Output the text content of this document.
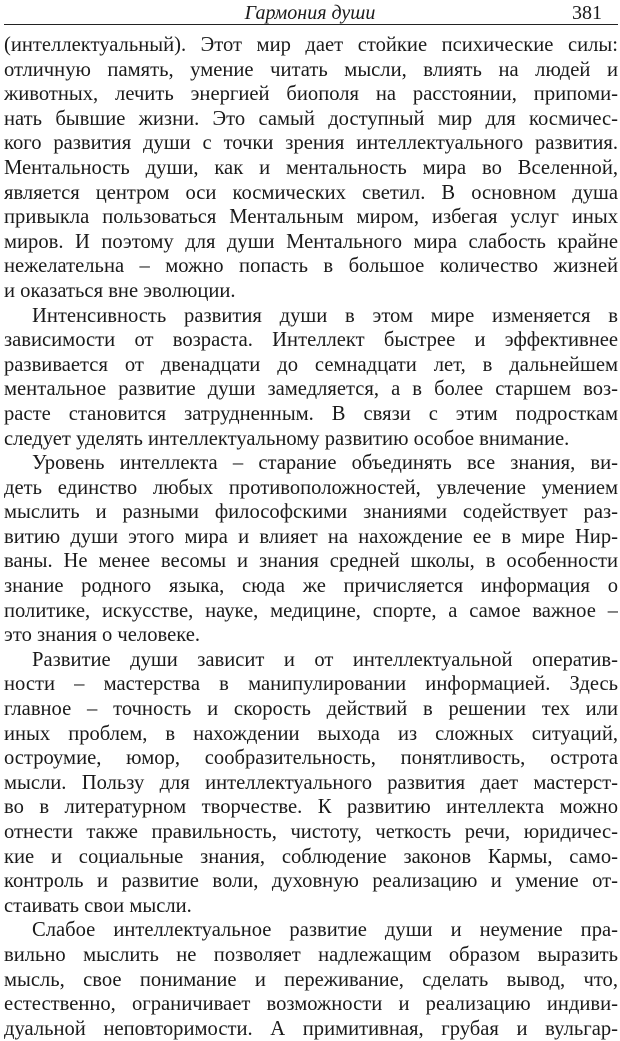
Гармония души	381
(интеллектуальный). Этот мир дает стойкие психические силы:
отличную память, умение читать мысли, влиять на людей и
животных, лечить энергией биополя на расстоянии, припоми-
нать бывшие жизни. Это самый доступный мир для космичес-
кого развития души с точки зрения интеллектуального развития.
Ментальность души, как и ментальность мира во Вселенной,
является центром оси космических светил. В основном душа
привыкла пользоваться Ментальным миром, избегая услуг иных
миров. И поэтому для души Ментального мира слабость крайне
нежелательна – можно попасть в большое количество жизней
и оказаться вне эволюции.
Интенсивность развития души в этом мире изменяется в
зависимости от возраста. Интеллект быстрее и эффективнее
развивается от двенадцати до семнадцати лет, в дальнейшем
ментальное развитие души замедляется, а в более старшем воз-
расте становится затрудненным. В связи с этим подросткам
следует уделять интеллектуальному развитию особое внимание.
Уровень интеллекта – старание объединять все знания, ви-
деть единство любых противоположностей, увлечение умением
мыслить и разными философскими знаниями содействует раз-
витию души этого мира и влияет на нахождение ее в мире Нир-
ваны. Не менее весомы и знания средней школы, в особенности
знание родного языка, сюда же причисляется информация о
политике, искусстве, науке, медицине, спорте, а самое важное –
это знания о человеке.
Развитие души зависит и от интеллектуальной оператив-
ности – мастерства в манипулировании информацией. Здесь
главное – точность и скорость действий в решении тех или
иных проблем, в нахождении выхода из сложных ситуаций,
остроумие, юмор, сообразительность, понятливость, острота
мысли. Пользу для интеллектуального развития дает мастерст-
во в литературном творчестве. К развитию интеллекта можно
отнести также правильность, чистоту, четкость речи, юридичес-
кие и социальные знания, соблюдение законов Кармы, само-
контроль и развитие воли, духовную реализацию и умение от-
стаивать свои мысли.
Слабое интеллектуальное развитие души и неумение пра-
вильно мыслить не позволяет надлежащим образом выразить
мысль, свое понимание и переживание, сделать вывод, что,
естественно, ограничивает возможности и реализацию индиви-
дуальной неповторимости. А примитивная, грубая и вульгар-
